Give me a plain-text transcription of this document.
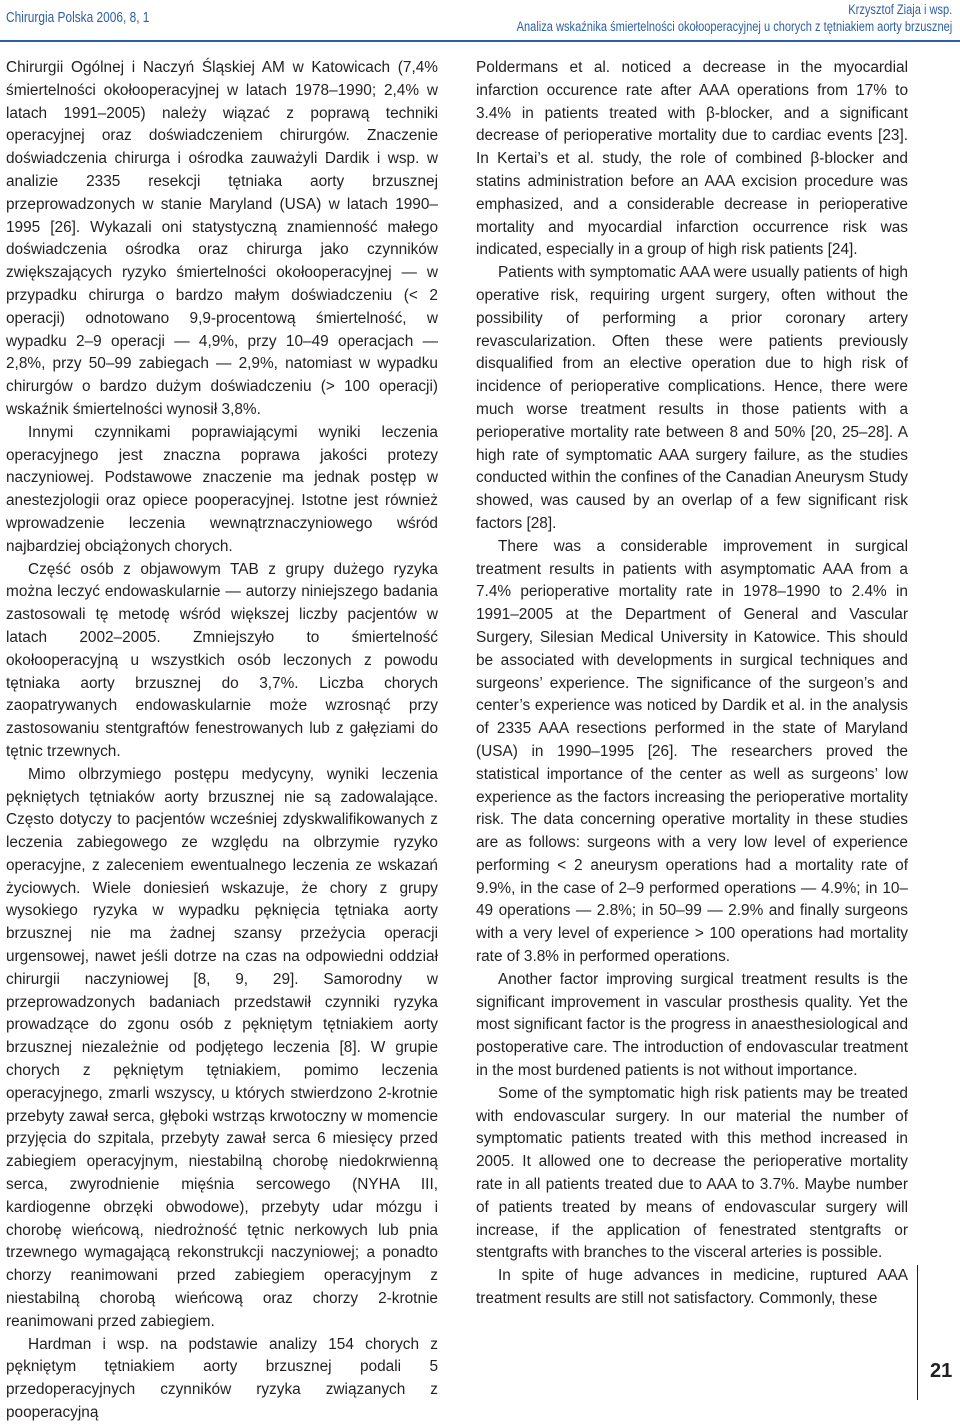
Chirurgia Polska 2006, 8, 1
Krzysztof Ziaja i wsp.
Analiza wskaźnika śmiertelności okołooperacyjnej u chorych z tętniakiem aorty brzusznej

Chirurgii Ogólnej i Naczyń Śląskiej AM w Katowicach (7,4% śmiertelności okołooperacyjnej w latach 1978–1990; 2,4% w latach 1991–2005) należy wiązać z poprawą techniki operacyjnej oraz doświadczeniem chirurgów. Znaczenie doświadczenia chirurga i ośrodka zauważyli Dardik i wsp. w analizie 2335 resekcji tętniaka aorty brzusznej przeprowadzonych w stanie Maryland (USA) w latach 1990–1995 [26]. Wykazali oni statystyczną znamienność małego doświadczenia ośrodka oraz chirurga jako czynników zwiększających ryzyko śmiertelności okołooperacyjnej — w przypadku chirurga o bardzo małym doświadczeniu (< 2 operacji) odnotowano 9,9-procentową śmiertelność, w wypadku 2–9 operacji — 4,9%, przy 10–49 operacjach — 2,8%, przy 50–99 zabiegach — 2,9%, natomiast w wypadku chirurgów o bardzo dużym doświadczeniu (> 100 operacji) wskaźnik śmiertelności wynosił 3,8%.

Innymi czynnikami poprawiającymi wyniki leczenia operacyjnego jest znaczna poprawa jakości protezy naczyniowej. Podstawowe znaczenie ma jednak postęp w anestezjologii oraz opiece pooperacyjnej. Istotne jest również wprowadzenie leczenia wewnątrznaczyniowego wśród najbardziej obciążonych chorych.

Część osób z objawowym TAB z grupy dużego ryzyka można leczyć endowaskularnie — autorzy niniejszego badania zastosowali tę metodę wśród większej liczby pacjentów w latach 2002–2005. Zmniejszyło to śmiertelność okołooperacyjną u wszystkich osób leczonych z powodu tętniaka aorty brzusznej do 3,7%. Liczba chorych zaopatrywanych endowaskularnie może wzrosnąć przy zastosowaniu stentgraftów fenestrowanych lub z gałęziami do tętnic trzewnych.

Mimo olbrzymiego postępu medycyny, wyniki leczenia pękniętych tętniaków aorty brzusznej nie są zadowalające. Często dotyczy to pacjentów wcześniej zdyskwalifikowanych z leczenia zabiegowego ze względu na olbrzymie ryzyko operacyjne, z zaleceniem ewentualnego leczenia ze wskazań życiowych. Wiele doniesień wskazuje, że chory z grupy wysokiego ryzyka w wypadku pęknięcia tętniaka aorty brzusznej nie ma żadnej szansy przeżycia operacji urgensowej, nawet jeśli dotrze na czas na odpowiedni oddział chirurgii naczyniowej [8, 9, 29]. Samorodny w przeprowadzonych badaniach przedstawił czynniki ryzyka prowadzące do zgonu osób z pękniętym tętniakiem aorty brzusznej niezależnie od podjętego leczenia [8]. W grupie chorych z pękniętym tętniakiem, pomimo leczenia operacyjnego, zmarli wszyscy, u których stwierdzono 2-krotnie przebyty zawał serca, głęboki wstrząs krwotoczny w momencie przyjęcia do szpitala, przebyty zawał serca 6 miesięcy przed zabiegiem operacyjnym, niestabilną chorobę niedokrwienną serca, zwyrodnienie mięśnia sercowego (NYHA III, kardiogenne obrzęki obwodowe), przebyty udar mózgu i chorobę wieńcową, niedrożność tętnic nerkowych lub pnia trzewnego wymagającą rekonstrukcji naczyniowej; a ponadto chorzy reanimowani przed zabiegiem operacyjnym z niestabilną chorobą wieńcową oraz chorzy 2-krotnie reanimowani przed zabiegiem.

Hardman i wsp. na podstawie analizy 154 chorych z pękniętym tętniakiem aorty brzusznej podali 5 przedoperacyjnych czynników ryzyka związanych z pooperacyjną

Poldermans et al. noticed a decrease in the myocardial infarction occurence rate after AAA operations from 17% to 3.4% in patients treated with β-blocker, and a significant decrease of perioperative mortality due to cardiac events [23]. In Kertai’s et al. study, the role of combined β-blocker and statins administration before an AAA excision procedure was emphasized, and a considerable decrease in perioperative mortality and myocardial infarction occurrence risk was indicated, especially in a group of high risk patients [24].

Patients with symptomatic AAA were usually patients of high operative risk, requiring urgent surgery, often without the possibility of performing a prior coronary artery revascularization. Often these were patients previously disqualified from an elective operation due to high risk of incidence of perioperative complications. Hence, there were much worse treatment results in those patients with a perioperative mortality rate between 8 and 50% [20, 25–28]. A high rate of symptomatic AAA surgery failure, as the studies conducted within the confines of the Canadian Aneurysm Study showed, was caused by an overlap of a few significant risk factors [28].

There was a considerable improvement in surgical treatment results in patients with asymptomatic AAA from a 7.4% perioperative mortality rate in 1978–1990 to 2.4% in 1991–2005 at the Department of General and Vascular Surgery, Silesian Medical University in Katowice. This should be associated with developments in surgical techniques and surgeons’ experience. The significance of the surgeon’s and center’s experience was noticed by Dardik et al. in the analysis of 2335 AAA resections performed in the state of Maryland (USA) in 1990–1995 [26]. The researchers proved the statistical importance of the center as well as surgeons’ low experience as the factors increasing the perioperative mortality risk. The data concerning operative mortality in these studies are as follows: surgeons with a very low level of experience performing < 2 aneurysm operations had a mortality rate of 9.9%, in the case of 2–9 performed operations — 4.9%; in 10–49 operations — 2.8%; in 50–99 — 2.9% and finally surgeons with a very level of experience > 100 operations had mortality rate of 3.8% in performed operations.

Another factor improving surgical treatment results is the significant improvement in vascular prosthesis quality. Yet the most significant factor is the progress in anaesthesiological and postoperative care. The introduction of endovascular treatment in the most burdened patients is not without importance.

Some of the symptomatic high risk patients may be treated with endovascular surgery. In our material the number of symptomatic patients treated with this method increased in 2005. It allowed one to decrease the perioperative mortality rate in all patients treated due to AAA to 3.7%. Maybe number of patients treated by means of endovascular surgery will increase, if the application of fenestrated stentgrafts or stentgrafts with branches to the visceral arteries is possible.

In spite of huge advances in medicine, ruptured AAA treatment results are still not satisfactory. Commonly, these

21
